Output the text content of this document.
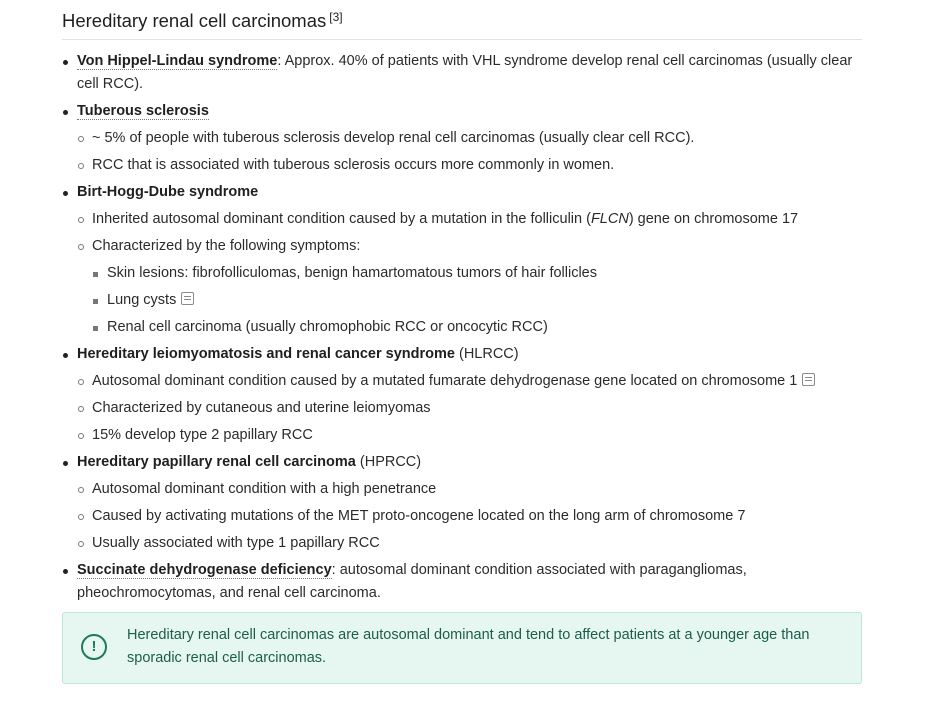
Hereditary renal cell carcinomas [3]
Von Hippel-Lindau syndrome: Approx. 40% of patients with VHL syndrome develop renal cell carcinomas (usually clear cell RCC).
Tuberous sclerosis
~ 5% of people with tuberous sclerosis develop renal cell carcinomas (usually clear cell RCC).
RCC that is associated with tuberous sclerosis occurs more commonly in women.
Birt-Hogg-Dube syndrome
Inherited autosomal dominant condition caused by a mutation in the folliculin (FLCN) gene on chromosome 17
Characterized by the following symptoms:
Skin lesions: fibrofolliculomas, benign hamartomatous tumors of hair follicles
Lung cysts
Renal cell carcinoma (usually chromophobic RCC or oncocytic RCC)
Hereditary leiomyomatosis and renal cancer syndrome (HLRCC)
Autosomal dominant condition caused by a mutated fumarate dehydrogenase gene located on chromosome 1
Characterized by cutaneous and uterine leiomyomas
15% develop type 2 papillary RCC
Hereditary papillary renal cell carcinoma (HPRCC)
Autosomal dominant condition with a high penetrance
Caused by activating mutations of the MET proto-oncogene located on the long arm of chromosome 7
Usually associated with type 1 papillary RCC
Succinate dehydrogenase deficiency: autosomal dominant condition associated with paragangliomas, pheochromocytomas, and renal cell carcinoma.
!
Hereditary renal cell carcinomas are autosomal dominant and tend to affect patients at a younger age than sporadic renal cell carcinomas.
